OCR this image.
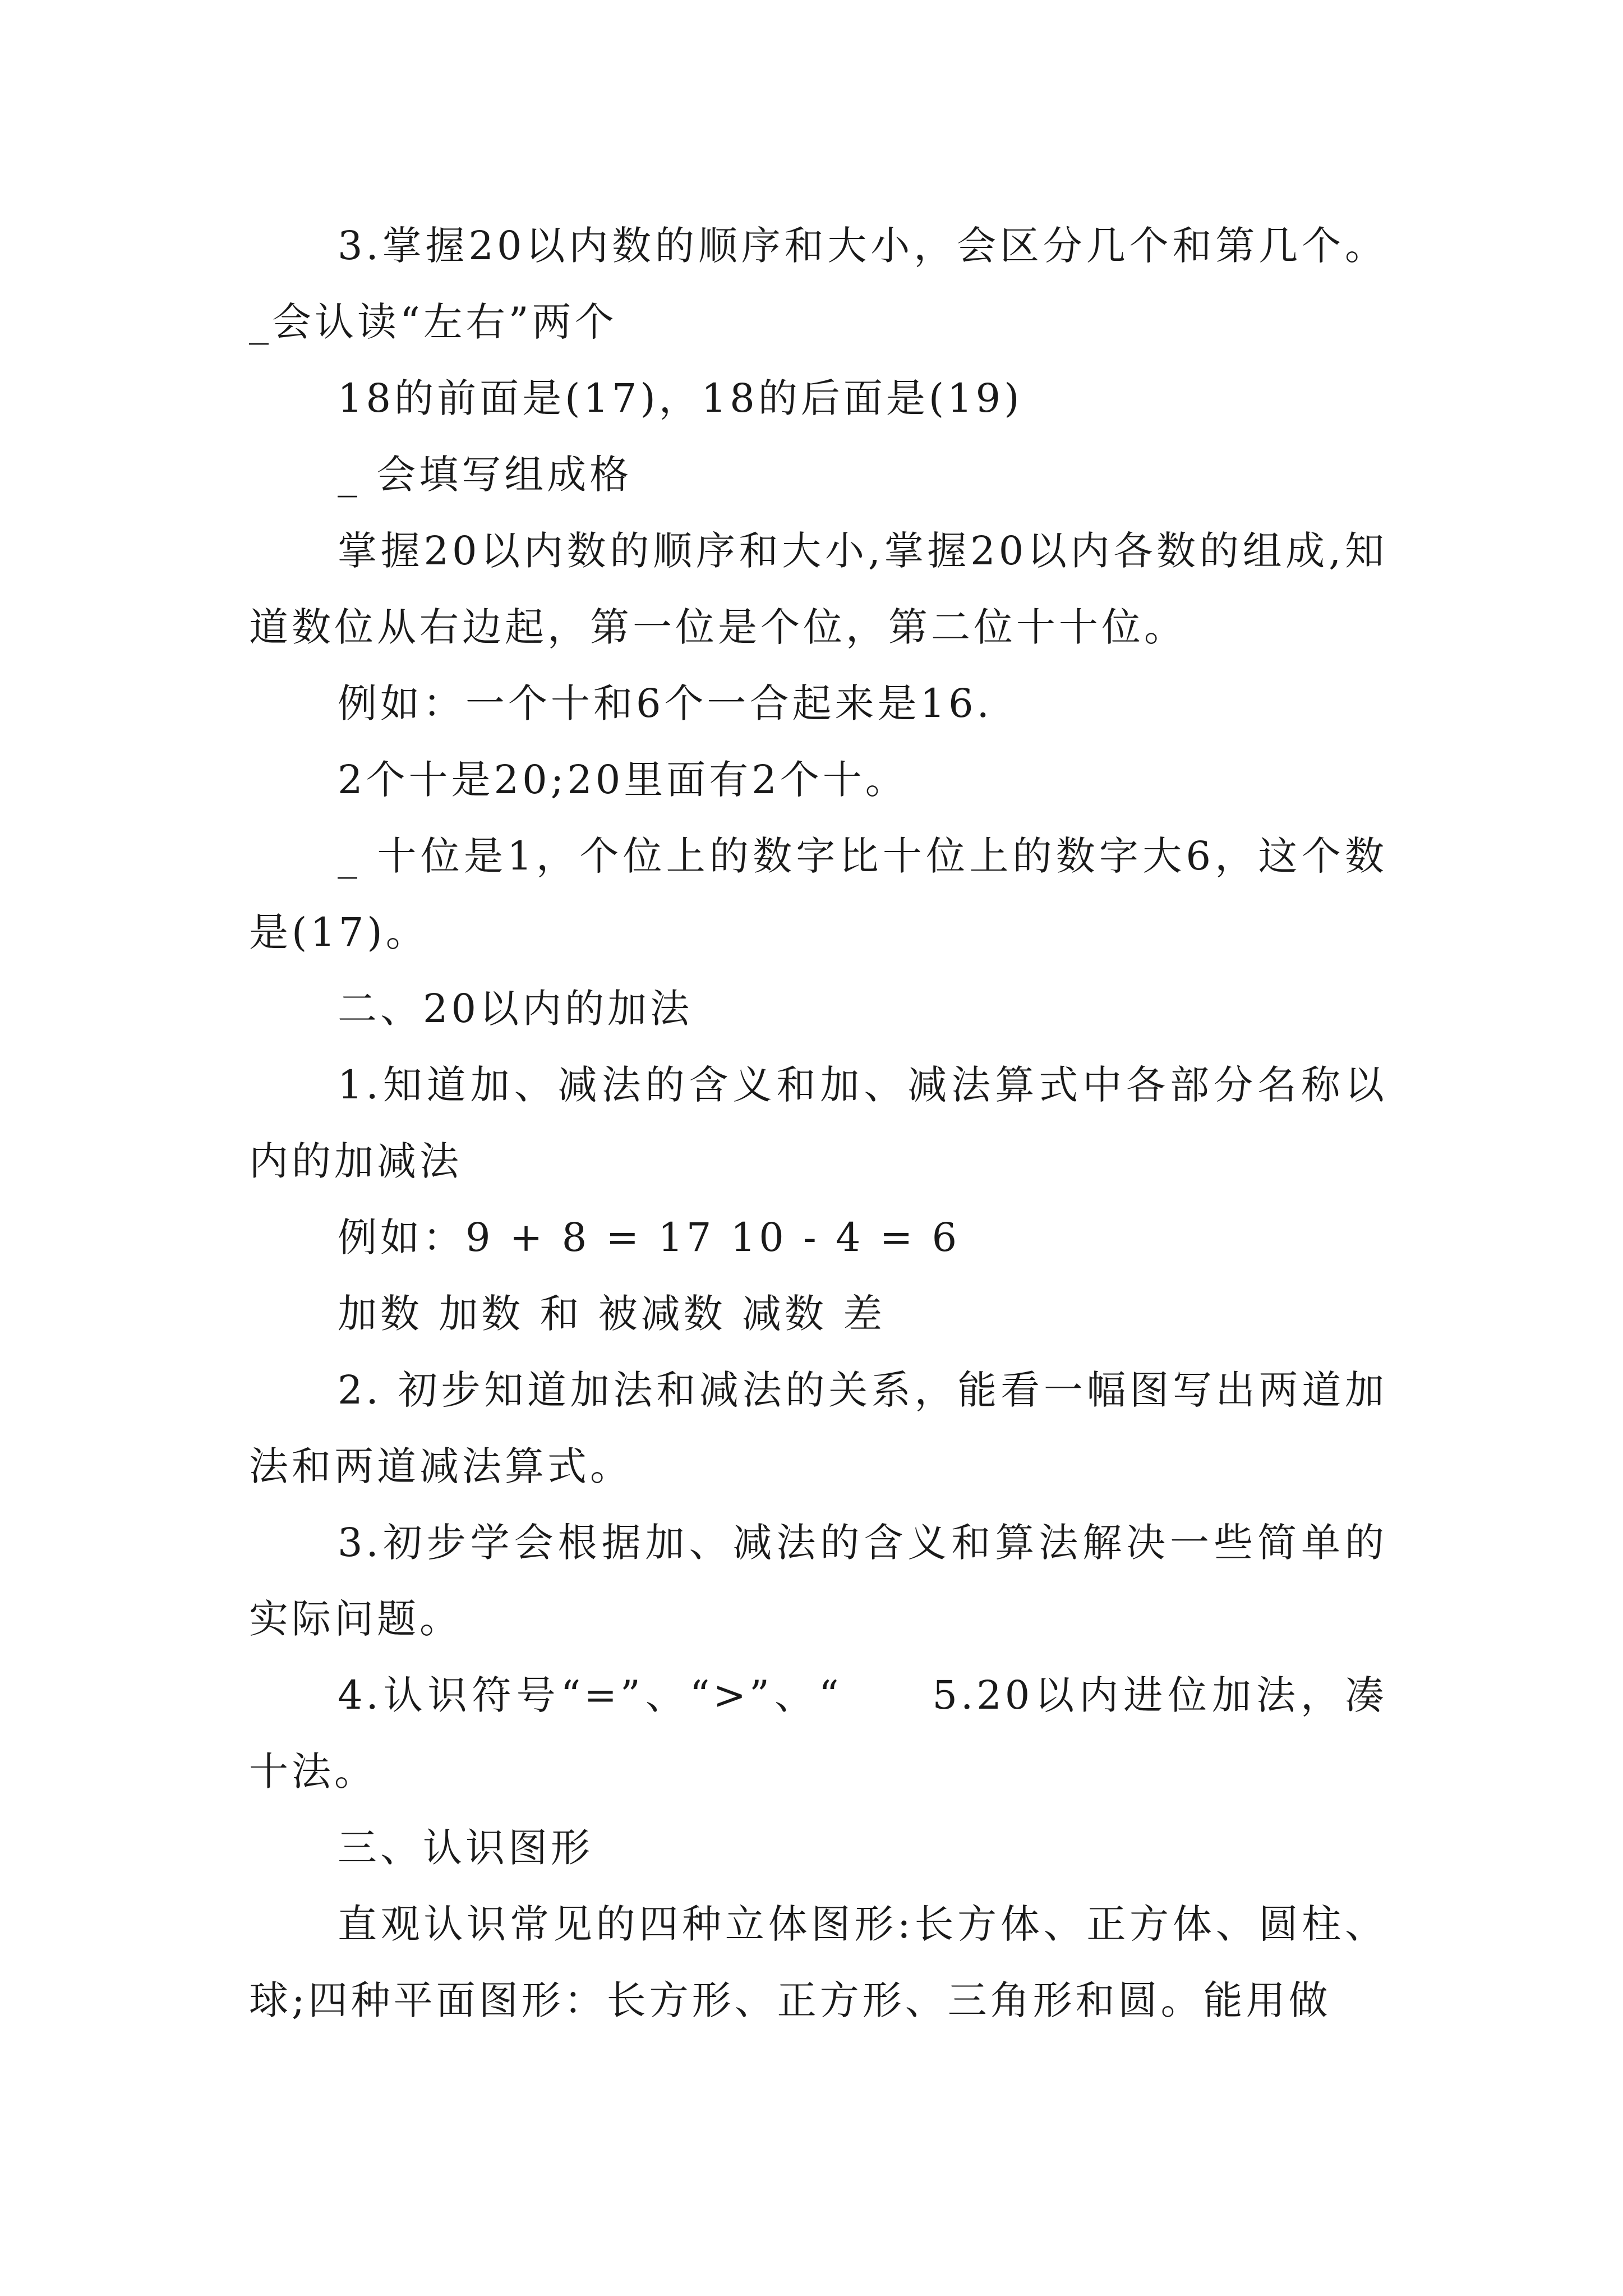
3.掌握20以内数的顺序和大小，会区分几个和第几个。_会认读“左右”两个

18的前面是(17)，18的后面是(19)

_ 会填写组成格

掌握20以内数的顺序和大小,掌握20以内各数的组成,知道数位从右边起，第一位是个位，第二位十十位。

例如：一个十和6个一合起来是16.

2个十是20;20里面有2个十。

_ 十位是1，个位上的数字比十位上的数字大6，这个数是(17)。

二、20以内的加法

1.知道加、减法的含义和加、减法算式中各部分名称以内的加减法

例如：9 + 8 = 17 10 - 4 = 6

加数 加数 和 被减数 减数 差

2. 初步知道加法和减法的关系，能看一幅图写出两道加法和两道减法算式。

3.初步学会根据加、减法的含义和算法解决一些简单的实际问题。

4.认识符号“=”、“>”、“　　5.20以内进位加法，凑十法。

三、认识图形

直观认识常见的四种立体图形:长方体、正方体、圆柱、球;四种平面图形：长方形、正方形、三角形和圆。能用做
